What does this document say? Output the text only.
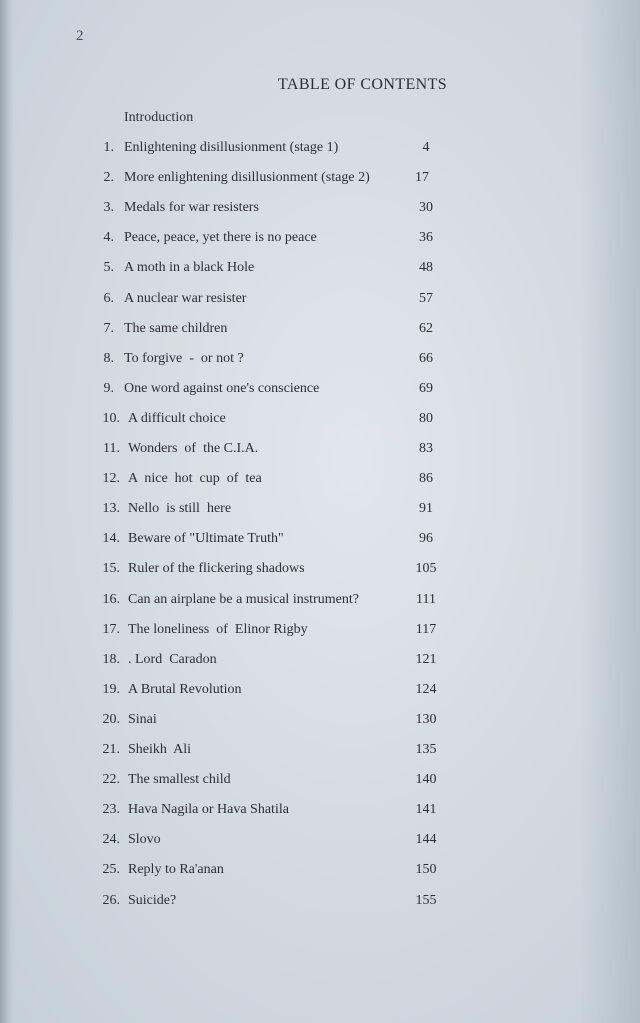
2
TABLE OF CONTENTS
Introduction
1. Enlightening disillusionment (stage 1)	4
2. More enlightening disillusionment (stage 2)	17
3. Medals for war resisters	30
4. Peace, peace, yet there is no peace	36
5. A moth in a black Hole	48
6. A nuclear war resister	57
7. The same children	62
8. To forgive  -  or not ?	66
9. One word against one's conscience	69
10. A difficult choice	80
11. Wonders  of  the C.I.A.	83
12. A  nice  hot  cup  of  tea	86
13. Nello  is still  here	91
14. Beware of "Ultimate Truth"	96
15. Ruler of the flickering shadows	105
16. Can an airplane be a musical instrument?	111
17. The loneliness  of  Elinor Rigby	117
18. . Lord  Caradon	121
19. A Brutal Revolution	124
20. Sinai	130
21. Sheikh  Ali	135
22. The smallest child	140
23. Hava Nagila or Hava Shatila	141
24. Slovo	144
25. Reply to Ra'anan	150
26. Suicide?	155
